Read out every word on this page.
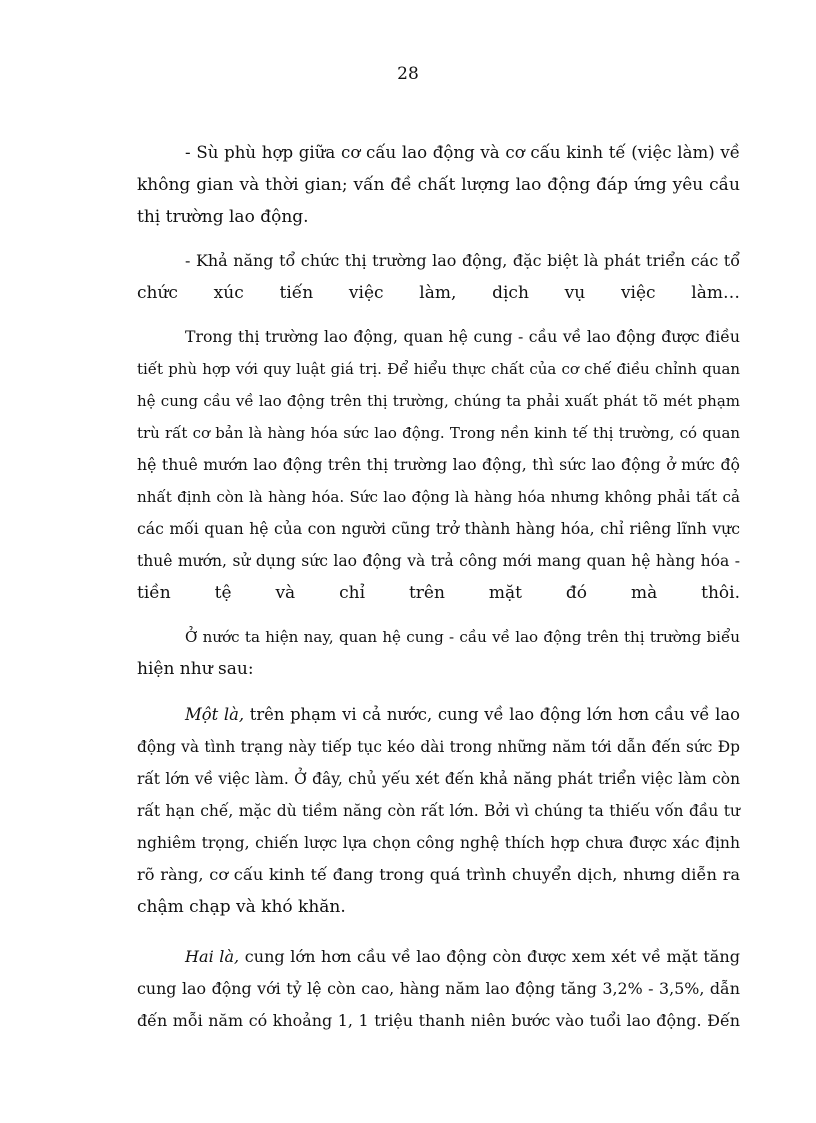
28
- Sù phù hợp giữa cơ cấu lao động và cơ cấu kinh tế (việc làm) về
không gian và thời gian; vấn đề chất lượng lao động đáp ứng yêu cầu
thị trường lao động.
- Khả năng tổ chức thị trường lao động, đặc biệt là phát triển các tổ
chức xúc tiến việc làm, dịch vụ việc làm…
Trong thị trường lao động, quan hệ cung - cầu về lao động được điều
tiết phù hợp với quy luật giá trị. Để hiểu thực chất của cơ chế điều chỉnh quan
hệ cung cầu về lao động trên thị trường, chúng ta phải xuất phát tõ mét phạm
trù rất cơ bản là hàng hóa sức lao động. Trong nền kinh tế thị trường, có quan
hệ thuê mướn lao động trên thị trường lao động, thì sức lao động ở mức độ
nhất định còn là hàng hóa. Sức lao động là hàng hóa nhưng không phải tất cả
các mối quan hệ của con người cũng trở thành hàng hóa, chỉ riêng lĩnh vực
thuê mướn, sử dụng sức lao động và trả công mới mang quan hệ hàng hóa -
tiền tệ và chỉ trên mặt đó mà thôi.
Ở nước ta hiện nay, quan hệ cung - cầu về lao động trên thị trường biểu
hiện như sau:
Một là, trên phạm vi cả nước, cung về lao động lớn hơn cầu về lao
động và tình trạng này tiếp tục kéo dài trong những năm tới dẫn đến sức Ðp
rất lớn về việc làm. Ở đây, chủ yếu xét đến khả năng phát triển việc làm còn
rất hạn chế, mặc dù tiềm năng còn rất lớn. Bởi vì chúng ta thiếu vốn đầu tư
nghiêm trọng, chiến lược lựa chọn công nghệ thích hợp chưa được xác định
rõ ràng, cơ cấu kinh tế đang trong quá trình chuyển dịch, nhưng diễn ra
chậm chạp và khó khăn.
Hai là, cung lớn hơn cầu về lao động còn được xem xét về mặt tăng
cung lao động với tỷ lệ còn cao, hàng năm lao động tăng 3,2% - 3,5%, dẫn
đến mỗi năm có khoảng 1, 1 triệu thanh niên bước vào tuổi lao động. Đến
